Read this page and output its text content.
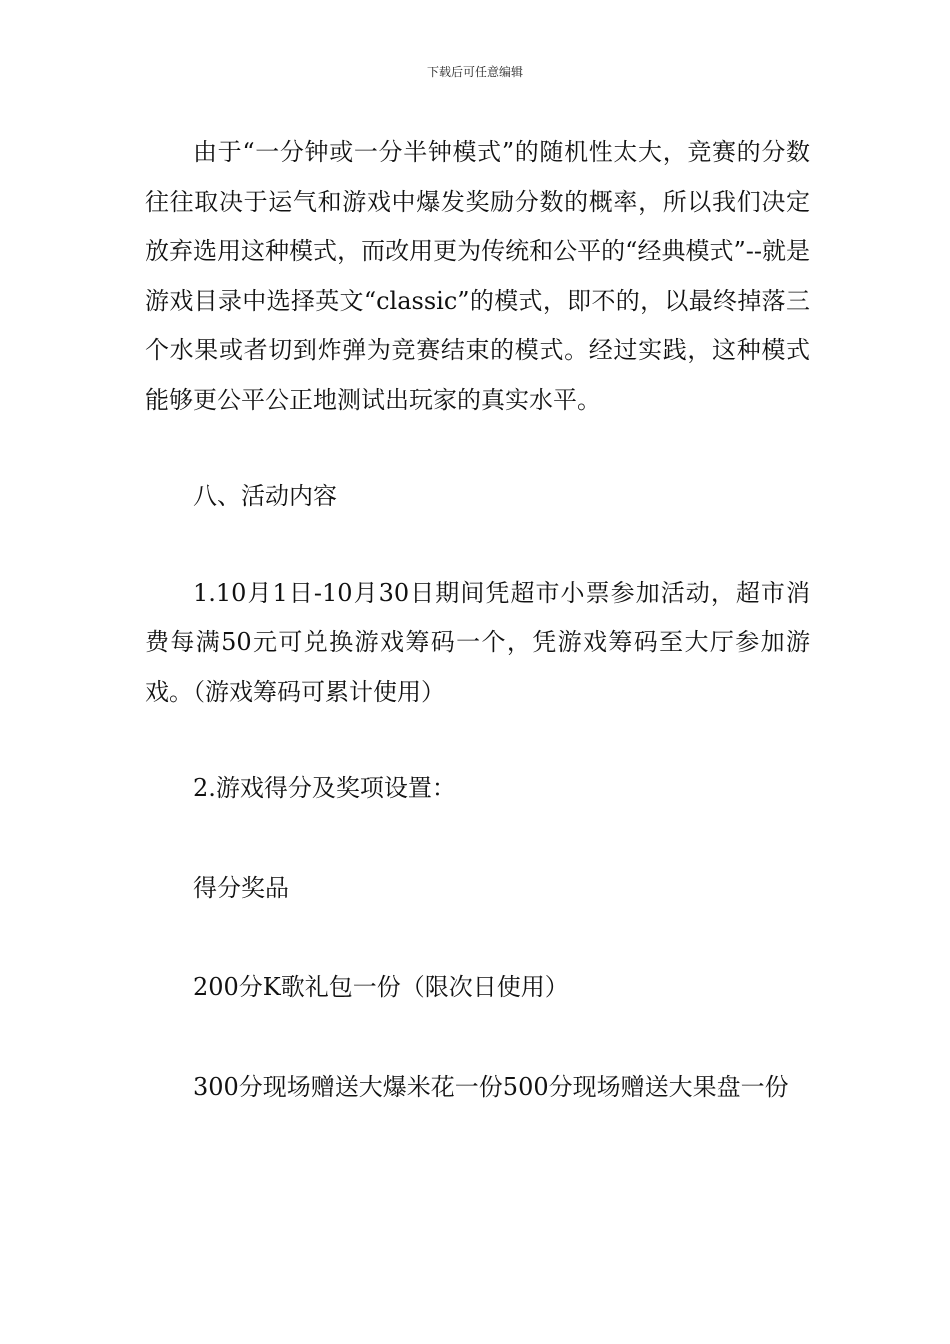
下载后可任意编辑

由于“一分钟或一分半钟模式”的随机性太大，竞赛的分数往往取决于运气和游戏中爆发奖励分数的概率，所以我们决定放弃选用这种模式，而改用更为传统和公平的“经典模式”--就是游戏目录中选择英文“classic”的模式，即不的，以最终掉落三个水果或者切到炸弹为竞赛结束的模式。经过实践，这种模式能够更公平公正地测试出玩家的真实水平。

八、活动内容

1.10月1日-10月30日期间凭超市小票参加活动，超市消费每满50元可兑换游戏筹码一个，凭游戏筹码至大厅参加游戏。（游戏筹码可累计使用）

2.游戏得分及奖项设置：

得分奖品

200分K歌礼包一份（限次日使用）

300分现场赠送大爆米花一份500分现场赠送大果盘一份
